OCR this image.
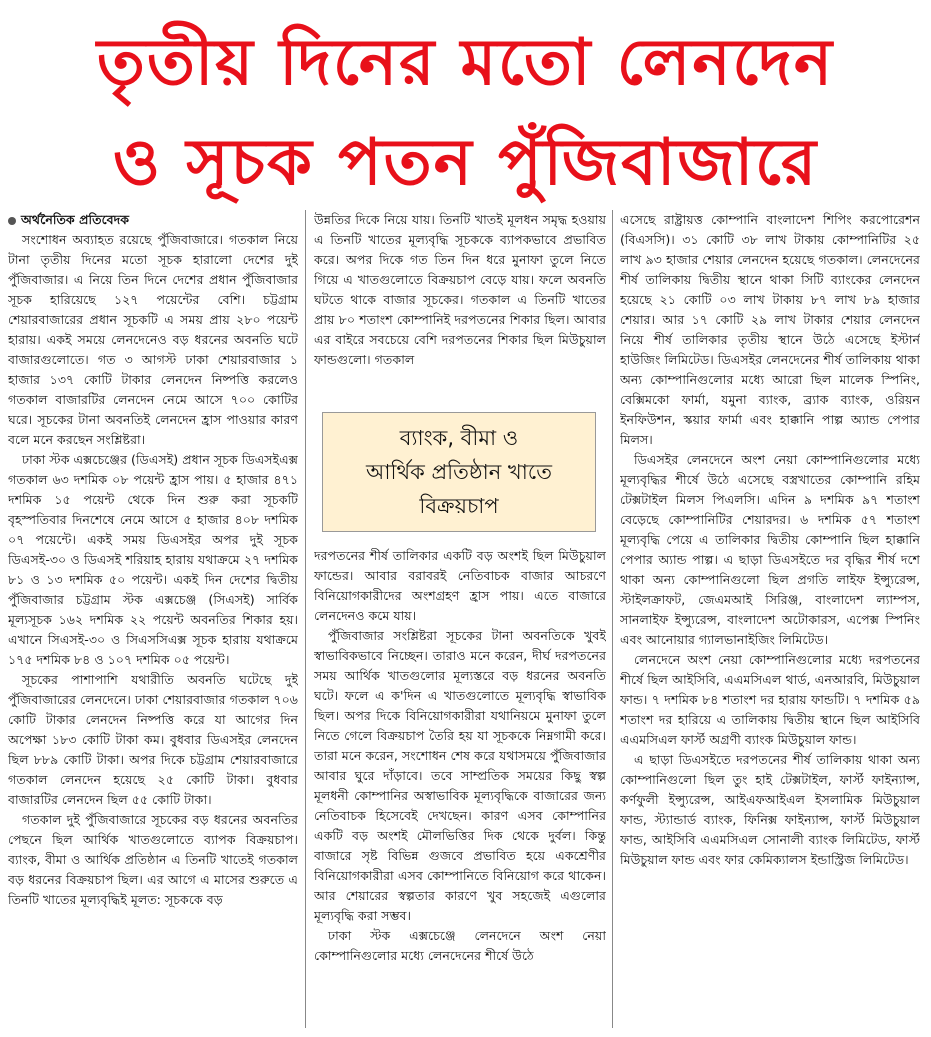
তৃতীয় দিনের মতো লেনদেন
ও সূচক পতন পুঁজিবাজারে

অর্থনৈতিক প্রতিবেদক

সংশোধন অব্যাহত রয়েছে পুঁজিবাজারে। গতকাল নিয়ে টানা তৃতীয় দিনের মতো সূচক হারালো দেশের দুই পুঁজিবাজার। এ নিয়ে তিন দিনে দেশের প্রধান পুঁজিবাজার সূচক হারিয়েছে ১২৭ পয়েন্টের বেশি। চট্টগ্রাম শেয়ারবাজারের প্রধান সূচকটি এ সময় প্রায় ২৮০ পয়েন্ট হারায়। একই সময়ে লেনদেনেও বড় ধরনের অবনতি ঘটে বাজারগুলোতে। গত ৩ আগস্ট ঢাকা শেয়ারবাজার ১ হাজার ১৩৭ কোটি টাকার লেনদেন নিষ্পত্তি করলেও গতকাল বাজারটির লেনদেন নেমে আসে ৭০০ কোটির ঘরে। সূচকের টানা অবনতিই লেনদেন হ্রাস পাওয়ার কারণ বলে মনে করছেন সংশ্লিষ্টরা।

ঢাকা স্টক এক্সচেঞ্জের (ডিএসই) প্রধান সূচক ডিএসইএক্স গতকাল ৬৩ দশমিক ০৮ পয়েন্ট হ্রাস পায়। ৫ হাজার ৪৭১ দশমিক ১৫ পয়েন্ট থেকে দিন শুরু করা সূচকটি বৃহস্পতিবার দিনশেষে নেমে আসে ৫ হাজার ৪০৮ দশমিক ০৭ পয়েন্টে। একই সময় ডিএসইর অপর দুই সূচক ডিএসই-৩০ ও ডিএসই শরিয়াহ হারায় যথাক্রমে ২৭ দশমিক ৮১ ও ১৩ দশমিক ৫০ পয়েন্ট। একই দিন দেশের দ্বিতীয় পুঁজিবাজার চট্টগ্রাম স্টক এক্সচেঞ্জ (সিএসই) সার্বিক মূল্যসূচক ১৬২ দশমিক ২২ পয়েন্ট অবনতির শিকার হয়। এখানে সিএসই-৩০ ও সিএসসিএক্স সূচক হারায় যথাক্রমে ১৭৫ দশমিক ৮৪ ও ১০৭ দশমিক ০৫ পয়েন্ট।

সূচকের পাশাপাশি যথারীতি অবনতি ঘটেছে দুই পুঁজিবাজারের লেনদেনে। ঢাকা শেয়ারবাজার গতকাল ৭০৬ কোটি টাকার লেনদেন নিষ্পত্তি করে যা আগের দিন অপেক্ষা ১৮৩ কোটি টাকা কম। বুধবার ডিএসইর লেনদেন ছিল ৮৮৯ কোটি টাকা। অপর দিকে চট্টগ্রাম শেয়ারবাজারে গতকাল লেনদেন হয়েছে ২৫ কোটি টাকা। বুধবার বাজারটির লেনদেন ছিল ৫৫ কোটি টাকা।

গতকাল দুই পুঁজিবাজারে সূচকের বড় ধরনের অবনতির পেছনে ছিল আর্থিক খাতগুলোতে ব্যাপক বিক্রয়চাপ। ব্যাংক, বীমা ও আর্থিক প্রতিষ্ঠান এ তিনটি খাতেই গতকাল বড় ধরনের বিক্রয়চাপ ছিল। এর আগে এ মাসের শুরুতে এ তিনটি খাতের মূল্যবৃদ্ধিই মূলত: সূচককে বড়

উন্নতির দিকে নিয়ে যায়। তিনটি খাতই মূলধন সমৃদ্ধ হওয়ায় এ তিনটি খাতের মূল্যবৃদ্ধি সূচককে ব্যাপকভাবে প্রভাবিত করে। অপর দিকে গত তিন দিন ধরে মুনাফা তুলে নিতে গিয়ে এ খাতগুলোতে বিক্রয়চাপ বেড়ে যায়। ফলে অবনতি ঘটতে থাকে বাজার সূচকের। গতকাল এ তিনটি খাতের প্রায় ৮০ শতাংশ কোম্পানিই দরপতনের শিকার ছিল। আবার এর বাইরে সবচেয়ে বেশি দরপতনের শিকার ছিল মিউচুয়াল ফান্ডগুলো। গতকাল

ব্যাংক, বীমা ও
আর্থিক প্রতিষ্ঠান খাতে
বিক্রয়চাপ

দরপতনের শীর্ষ তালিকার একটি বড় অংশই ছিল মিউচুয়াল ফান্ডের। আবার বরাবরই নেতিবাচক বাজার আচরণে বিনিয়োগকারীদের অংশগ্রহণ হ্রাস পায়। এতে বাজারে লেনদেনও কমে যায়।

পুঁজিবাজার সংশ্লিষ্টরা সূচকের টানা অবনতিকে খুবই স্বাভাবিকভাবে নিচ্ছেন। তারাও মনে করেন, দীর্ঘ দরপতনের সময় আর্থিক খাতগুলোর মূল্যস্তরে বড় ধরনের অবনতি ঘটে। ফলে এ ক'দিন এ খাতগুলোতে মূল্যবৃদ্ধি স্বাভাবিক ছিল। অপর দিকে বিনিয়োগকারীরা যথানিয়মে মুনাফা তুলে নিতে গেলে বিক্রয়চাপ তৈরি হয় যা সূচককে নিম্নগামী করে। তারা মনে করেন, সংশোধন শেষ করে যথাসময়ে পুঁজিবাজার আবার ঘুরে দাঁড়াবে। তবে সাম্প্রতিক সময়ের কিছু স্বল্প মূলধনী কোম্পানির অস্বাভাবিক মূল্যবৃদ্ধিকে বাজারের জন্য নেতিবাচক হিসেবেই দেখছেন। কারণ এসব কোম্পানির একটি বড় অংশই মৌলভিত্তির দিক থেকে দুর্বল। কিন্তু বাজারে সৃষ্ট বিভিন্ন গুজবে প্রভাবিত হয়ে একশ্রেণীর বিনিয়োগকারীরা এসব কোম্পানিতে বিনিয়োগ করে থাকেন। আর শেয়ারের স্বল্পতার কারণে খুব সহজেই এগুলোর মূল্যবৃদ্ধি করা সম্ভব।

ঢাকা স্টক এক্সচেঞ্জে লেনদেনে অংশ নেয়া কোম্পানিগুলোর মধ্যে লেনদেনের শীর্ষে উঠে

এসেছে রাষ্ট্রায়ত্ত কোম্পানি বাংলাদেশ শিপিং করপোরেশন (বিএসসি)। ৩১ কোটি ৩৮ লাখ টাকায় কোম্পানিটির ২৫ লাখ ৯৩ হাজার শেয়ার লেনদেন হয়েছে গতকাল। লেনদেনের শীর্ষ তালিকায় দ্বিতীয় স্থানে থাকা সিটি ব্যাংকের লেনদেন হয়েছে ২১ কোটি ০৩ লাখ টাকায় ৮৭ লাখ ৮৯ হাজার শেয়ার। আর ১৭ কোটি ২৯ লাখ টাকার শেয়ার লেনদেন নিয়ে শীর্ষ তালিকার তৃতীয় স্থানে উঠে এসেছে ইস্টার্ন হাউজিং লিমিটেড। ডিএসইর লেনদেনের শীর্ষ তালিকায় থাকা অন্য কোম্পানিগুলোর মধ্যে আরো ছিল মালেক স্পিনিং, বেক্সিমকো ফার্মা, যমুনা ব্যাংক, ব্র্যাক ব্যাংক, ওরিয়ন ইনফিউশন, স্কয়ার ফার্মা এবং হাক্কানি পাল্প অ্যান্ড পেপার মিলস।

ডিএসইর লেনদেনে অংশ নেয়া কোম্পানিগুলোর মধ্যে মূল্যবৃদ্ধির শীর্ষে উঠে এসেছে বস্ত্রখাতের কোম্পানি রহিম টেক্সটাইল মিলস পিএলসি। এদিন ৯ দশমিক ৯৭ শতাংশ বেড়েছে কোম্পানিটির শেয়ারদর। ৬ দশমিক ৫৭ শতাংশ মূল্যবৃদ্ধি পেয়ে এ তালিকার দ্বিতীয় কোম্পানি ছিল হাক্কানি পেপার অ্যান্ড পাল্প। এ ছাড়া ডিএসইতে দর বৃদ্ধির শীর্ষ দশে থাকা অন্য কোম্পানিগুলো ছিল প্রগতি লাইফ ইন্স্যুরেন্স, স্টাইলক্রাফট, জেএমআই সিরিঞ্জ, বাংলাদেশ ল্যাম্পস, সানলাইফ ইন্স্যুরেন্স, বাংলাদেশ অটোকারস, এপেক্স স্পিনিং এবং আনোয়ার গ্যালভানাইজিং লিমিটেড।

লেনদেনে অংশ নেয়া কোম্পানিগুলোর মধ্যে দরপতনের শীর্ষে ছিল আইসিবি, এএমসিএল থার্ড, এনআরবি, মিউচুয়াল ফান্ড। ৭ দশমিক ৮৪ শতাংশ দর হারায় ফান্ডটি। ৭ দশমিক ৫৯ শতাংশ দর হারিয়ে এ তালিকায় দ্বিতীয় স্থানে ছিল আইসিবি এএমসিএল ফার্স্ট অগ্রণী ব্যাংক মিউচুয়াল ফান্ড।

এ ছাড়া ডিএসইতে দরপতনের শীর্ষ তালিকায় থাকা অন্য কোম্পানিগুলো ছিল তুং হাই টেক্সটাইল, ফার্স্ট ফাইন্যান্স, কর্ণফুলী ইন্স্যুরেন্স, আইএফআইএল ইসলামিক মিউচুয়াল ফান্ড, স্ট্যান্ডার্ড ব্যাংক, ফিনিক্স ফাইন্যান্স, ফার্স্ট মিউচুয়াল ফান্ড, আইসিবি এএমসিএল সোনালী ব্যাংক লিমিটেড, ফার্স্ট মিউচুয়াল ফান্ড এবং ফার কেমিক্যালস ইন্ডাস্ট্রিজ লিমিটেড।
